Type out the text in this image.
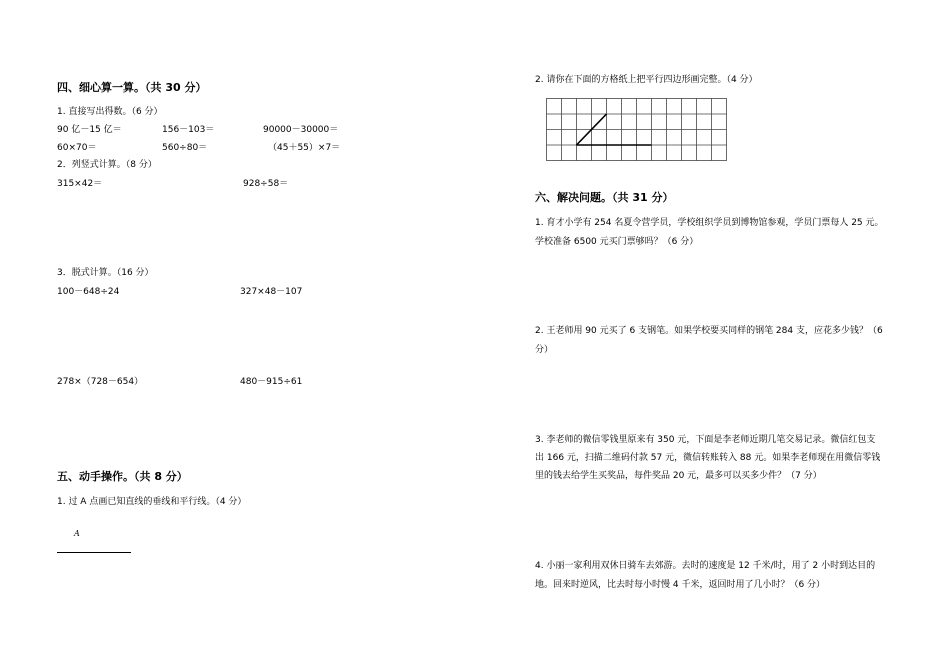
四、细心算一算。（共 30 分）
1. 直接写出得数。（6 分）
90 亿－15 亿＝	156－103＝	90000－30000＝
60×70＝	560÷80＝	（45＋55）×7＝
2．列竖式计算。（8 分）
315×42＝	928÷58＝
3．脱式计算。（16 分）
100－648÷24	327×48－107
278×（728－654）	480－915÷61
五、动手操作。（共 8 分）
1. 过 A 点画已知直线的垂线和平行线。（4 分）
A
2. 请你在下面的方格纸上把平行四边形画完整。（4 分）
六、解决问题。（共 31 分）
1. 育才小学有 254 名夏令营学员，学校组织学员到博物馆参观，学员门票每人 25 元。
学校准备 6500 元买门票够吗？（6 分）
2. 王老师用 90 元买了 6 支钢笔。如果学校要买同样的钢笔 284 支，应花多少钱？（6
分）
3. 李老师的微信零钱里原来有 350 元，下面是李老师近期几笔交易记录。微信红包支
出 166 元，扫描二维码付款 57 元，微信转账转入 88 元。如果李老师现在用微信零钱
里的钱去给学生买奖品，每件奖品 20 元，最多可以买多少件？（7 分）
4. 小丽一家利用双休日骑车去郊游。去时的速度是 12 千米/时，用了 2 小时到达目的
地。回来时逆风，比去时每小时慢 4 千米，返回时用了几小时？（6 分）
